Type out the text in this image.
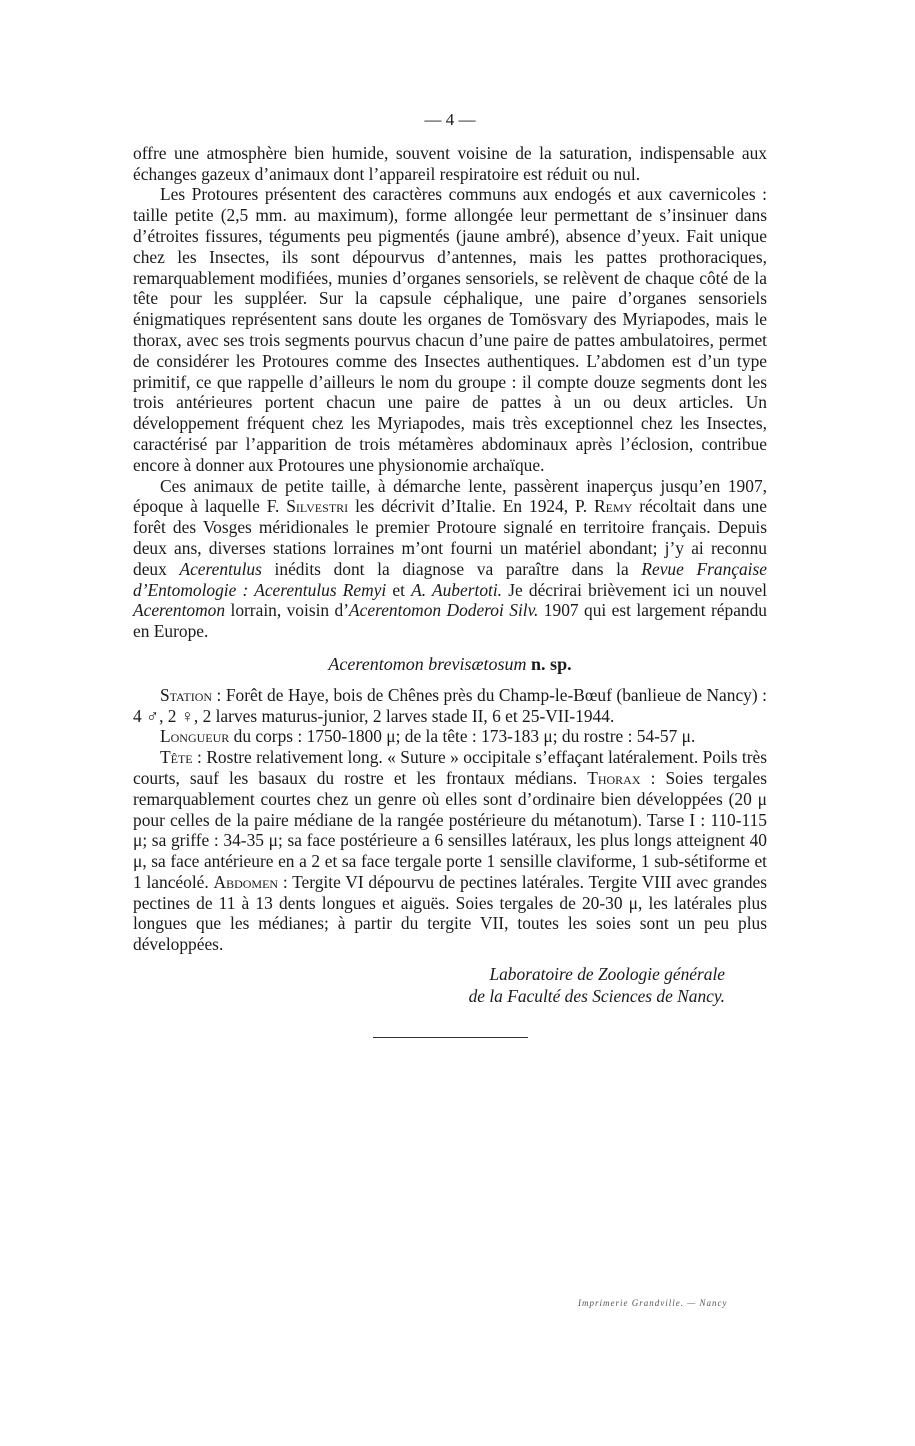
— 4 —

offre une atmosphère bien humide, souvent voisine de la saturation, indispensable aux échanges gazeux d’animaux dont l’appareil respiratoire est réduit ou nul.

Les Protoures présentent des caractères communs aux endogés et aux cavernicoles : taille petite (2,5 mm. au maximum), forme allongée leur permettant de s’insinuer dans d’étroites fissures, téguments peu pigmentés (jaune ambré), absence d’yeux. Fait unique chez les Insectes, ils sont dépourvus d’antennes, mais les pattes prothoraciques, remarquablement modifiées, munies d’organes sensoriels, se relèvent de chaque côté de la tête pour les suppléer. Sur la capsule céphalique, une paire d’organes sensoriels énigmatiques représentent sans doute les organes de Tomösvary des Myriapodes, mais le thorax, avec ses trois segments pourvus chacun d’une paire de pattes ambulatoires, permet de considérer les Protoures comme des Insectes authentiques. L’abdomen est d’un type primitif, ce que rappelle d’ailleurs le nom du groupe : il compte douze segments dont les trois antérieures portent chacun une paire de pattes à un ou deux articles. Un développement fréquent chez les Myriapodes, mais très exceptionnel chez les Insectes, caractérisé par l’apparition de trois métamères abdominaux après l’éclosion, contribue encore à donner aux Protoures une physionomie archaïque.

Ces animaux de petite taille, à démarche lente, passèrent inaperçus jusqu’en 1907, époque à laquelle F. Silvestri les décrivit d’Italie. En 1924, P. Remy récoltait dans une forêt des Vosges méridionales le premier Protoure signalé en territoire français. Depuis deux ans, diverses stations lorraines m’ont fourni un matériel abondant; j’y ai reconnu deux Acerentulus inédits dont la diagnose va paraître dans la Revue Française d’Entomologie : Acerentulus Remyi et A. Aubertoti. Je décrirai brièvement ici un nouvel Acerentomon lorrain, voisin d’Acerentomon Doderoi Silv. 1907 qui est largement répandu en Europe.

Acerentomon brevisætosum n. sp.

Station : Forêt de Haye, bois de Chênes près du Champ-le-Bœuf (banlieue de Nancy) : 4 ♂, 2 ♀, 2 larves maturus-junior, 2 larves stade II, 6 et 25-VII-1944.

Longueur du corps : 1750-1800 μ; de la tête : 173-183 μ; du rostre : 54-57 μ.

Tête : Rostre relativement long. « Suture » occipitale s’effaçant latéralement. Poils très courts, sauf les basaux du rostre et les frontaux médians. Thorax : Soies tergales remarquablement courtes chez un genre où elles sont d’ordinaire bien développées (20 μ pour celles de la paire médiane de la rangée postérieure du métanotum). Tarse I : 110-115 μ; sa griffe : 34-35 μ; sa face postérieure a 6 sensilles latéraux, les plus longs atteignent 40 μ, sa face antérieure en a 2 et sa face tergale porte 1 sensille claviforme, 1 sub-sétiforme et 1 lancéolé. Abdomen : Tergite VI dépourvu de pectines latérales. Tergite VIII avec grandes pectines de 11 à 13 dents longues et aiguës. Soies tergales de 20-30 μ, les latérales plus longues que les médianes; à partir du tergite VII, toutes les soies sont un peu plus développées.

Laboratoire de Zoologie générale
de la Faculté des Sciences de Nancy.
Imprimerie Grandville. — Nancy
